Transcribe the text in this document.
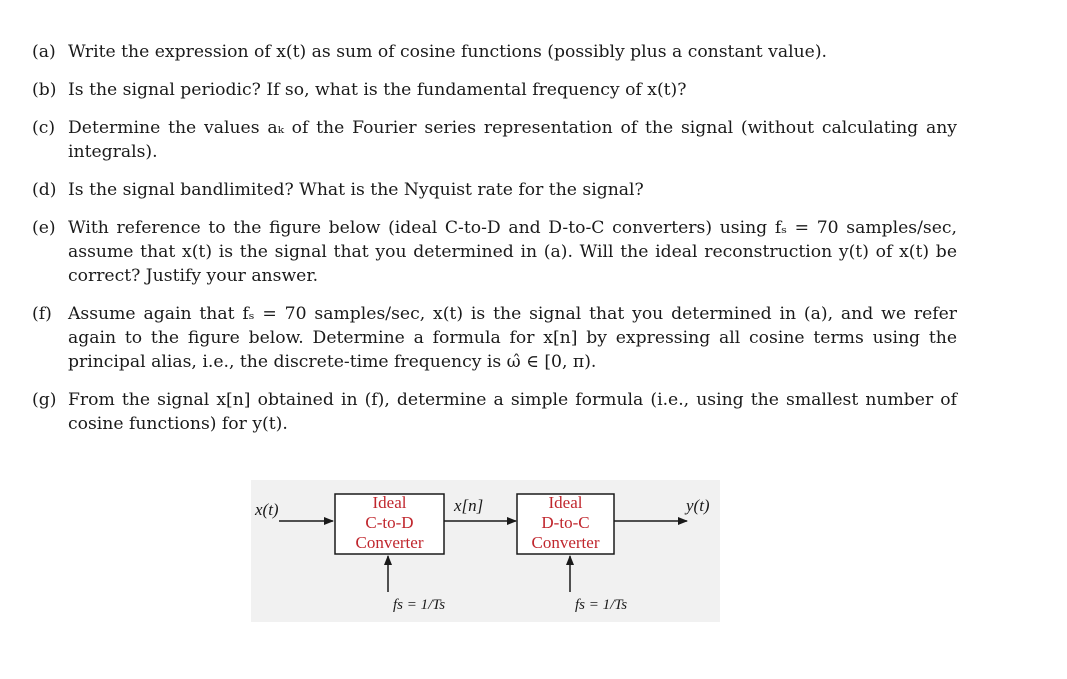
(a) Write the expression of x(t) as sum of cosine functions (possibly plus a constant value).
(b) Is the signal periodic? If so, what is the fundamental frequency of x(t)?
(c) Determine the values aₖ of the Fourier series representation of the signal (without calculating any integrals).
(d) Is the signal bandlimited? What is the Nyquist rate for the signal?
(e) With reference to the figure below (ideal C-to-D and D-to-C converters) using fₛ = 70 samples/sec, assume that x(t) is the signal that you determined in (a). Will the ideal reconstruction y(t) of x(t) be correct? Justify your answer.
(f) Assume again that fₛ = 70 samples/sec, x(t) is the signal that you determined in (a), and we refer again to the figure below. Determine a formula for x[n] by expressing all cosine terms using the principal alias, i.e., the discrete-time frequency is ω̂ ∈ [0, π).
(g) From the signal x[n] obtained in (f), determine a simple formula (i.e., using the smallest number of cosine functions) for y(t).
x(t)	x[n]	y(t)
Ideal
C-to-D
Converter
Ideal
D-to-C
Converter
fs = 1/Ts	fs = 1/Ts
